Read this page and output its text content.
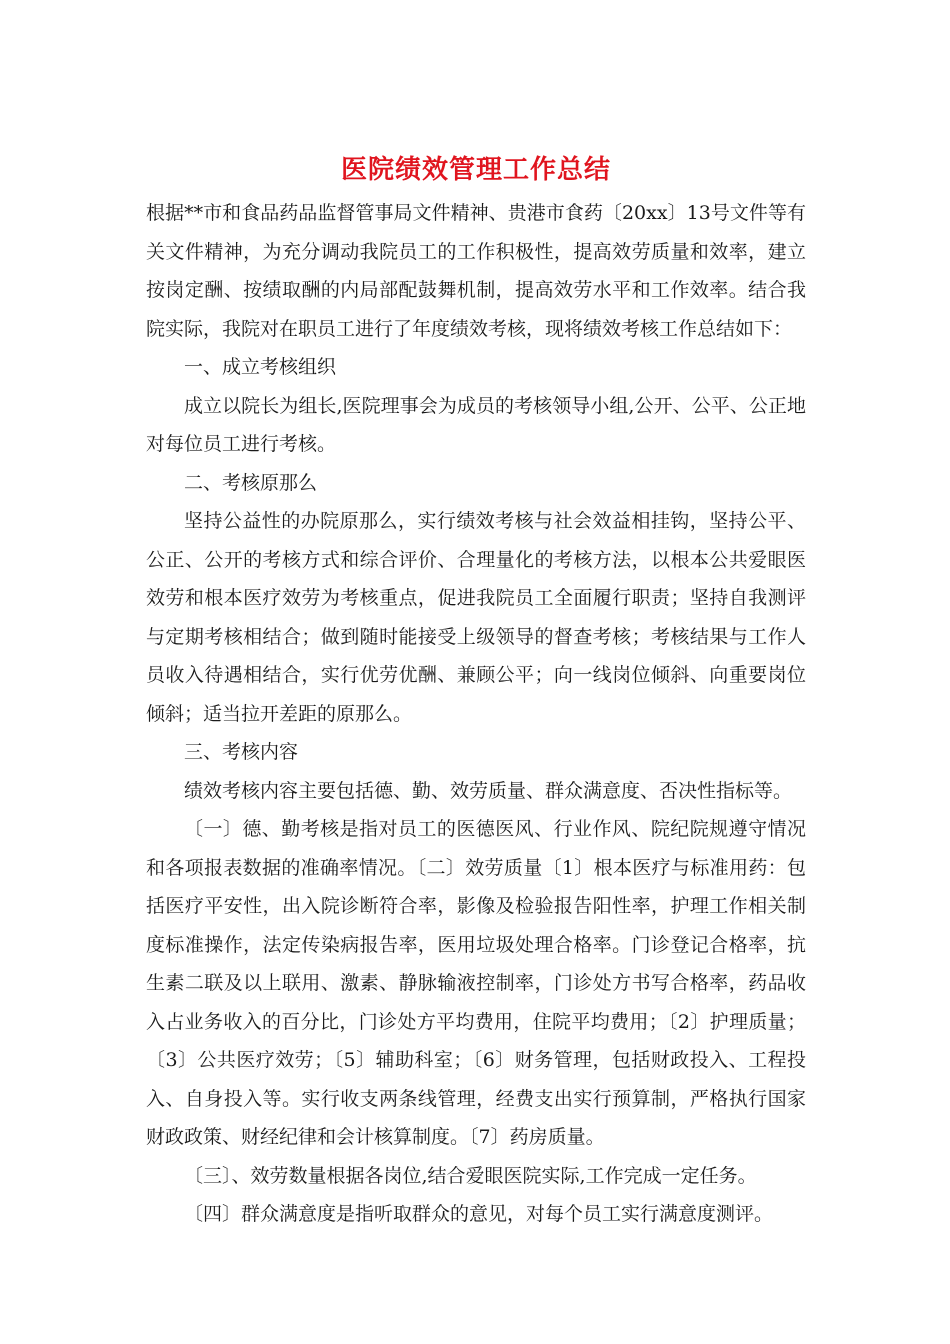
医院绩效管理工作总结

根据**市和食品药品监督管事局文件精神、贵港市食药〔20xx〕13号文件等有关文件精神，为充分调动我院员工的工作积极性，提高效劳质量和效率，建立按岗定酬、按绩取酬的内局部配鼓舞机制，提高效劳水平和工作效率。结合我院实际，我院对在职员工进行了年度绩效考核，现将绩效考核工作总结如下：

一、成立考核组织

成立以院长为组长,医院理事会为成员的考核领导小组,公开、公平、公正地对每位员工进行考核。

二、考核原那么

坚持公益性的办院原那么，实行绩效考核与社会效益相挂钩，坚持公平、公正、公开的考核方式和综合评价、合理量化的考核方法，以根本公共爱眼医效劳和根本医疗效劳为考核重点，促进我院员工全面履行职责；坚持自我测评与定期考核相结合；做到随时能接受上级领导的督查考核；考核结果与工作人员收入待遇相结合，实行优劳优酬、兼顾公平；向一线岗位倾斜、向重要岗位倾斜；适当拉开差距的原那么。

三、考核内容

绩效考核内容主要包括德、勤、效劳质量、群众满意度、否决性指标等。

〔一〕德、勤考核是指对员工的医德医风、行业作风、院纪院规遵守情况和各项报表数据的准确率情况。〔二〕效劳质量〔1〕根本医疗与标准用药：包括医疗平安性，出入院诊断符合率，影像及检验报告阳性率，护理工作相关制度标准操作，法定传染病报告率，医用垃圾处理合格率。门诊登记合格率，抗生素二联及以上联用、激素、静脉输液控制率，门诊处方书写合格率，药品收入占业务收入的百分比，门诊处方平均费用，住院平均费用；〔2〕护理质量；〔3〕公共医疗效劳；〔5〕辅助科室；〔6〕财务管理，包括财政投入、工程投入、自身投入等。实行收支两条线管理，经费支出实行预算制，严格执行国家财政政策、财经纪律和会计核算制度。〔7〕药房质量。

〔三〕、效劳数量根据各岗位,结合爱眼医院实际,工作完成一定任务。

〔四〕群众满意度是指听取群众的意见，对每个员工实行满意度测评。
